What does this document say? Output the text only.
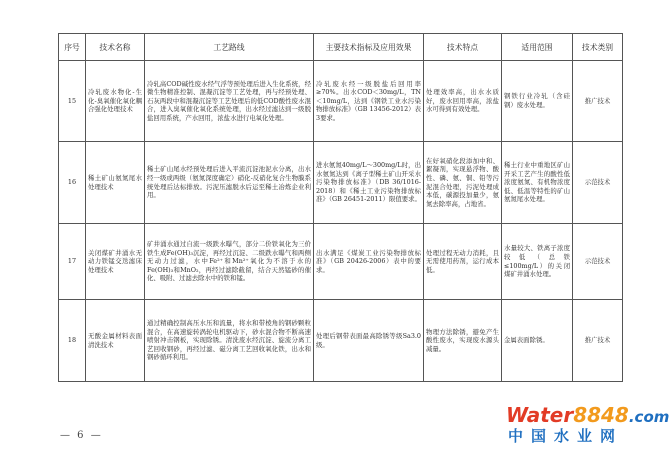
序号	技术名称	工艺路线	主要技术指标及应用效果	技术特点	适用范围	技术类别
15	冷轧废水物化-生化-臭氧催化氧化耦合强化处理技术	冷轧高COD碱性废水经气浮等预处理后进入生化系统，经微生物精准控制、混凝沉淀等工艺处理，再与经预处理、石灰两段中和混凝沉淀等工艺处理后的低COD酸性废水混合，进入臭氧催化氧化系统处理，出水经过滤达到一级脱盐回用系统，产水回用，浓盐水进行电氧化处理。	冷轧废水经一级脱盐后回用率≥70%。出水COD＜30mg/L，TN＜10mg/L，达到《钢铁工业水污染物排放标准》（GB 13456-2012）表3要求。	处理效率高，出水水质好，废水回用率高，浓盐水可得到有效处理。	钢铁行业冷轧（含硅钢）废水处理。	推广技术
16	稀土矿山氨氮尾水处理技术	稀土矿山尾水经预处理后进入平流沉淀池泥水分离，出水经一级或两级（氨氮深度确定）硝化-反硝化复合生物膜系统处理后达标排放。污泥压滤脱水后运至稀土冶炼企业利用。	进水氨氮40mg/L～300mg/L时，出水氨氮达到《离子型稀土矿山开采水污染物排放标准》（DB 36/1016-2018）和《稀土工业污染物排放标准》（GB 26451-2011）限值要求。	在好氧硝化段添加中和、絮凝剂，实现悬浮物、酸性、磷、氨、铜、铅等污泥混合处理，污泥处理成本低，碳源投加量少，氨氮去除率高，占地省。	稀土行业中重地区矿山开采工艺产生的酸性低浓度氨氮、有机物浓度低、低温等特性的矿山氨氮尾水处理。	示范技术
17	关闭煤矿井涌水无动力铁锰交迭滤床处理技术	矿井涌水通过自流一级跌水曝气，部分二价铁氧化为三价铁生成Fe(OH)₃沉淀，再经过沉淀、二级跌水曝气和两侧无动力过滤，水中Fe²⁺和Mn²⁺氧化为不溶于水的Fe(OH)₃和MnO₂，再经过滤除截留，结合天然锰砂的催化、吸附、过滤去除水中的铁和锰。	出水满足《煤炭工业污染物排放标准》（GB 20426-2006）表中的要求。	处理过程无动力消耗，且无需使用药剂，运行成本低。	水量较大、铁离子浓度较低（总铁≤100mg/L）的关闭煤矿井涌水处理。	示范技术
18	无酸金属材料表面清洗技术	通过精确控制高压水压和流量，将水和带棱角的钢砂颗粒混合，在高速旋转涡轮电机驱动下，砂水混合物不断高速喷射冲击钢板，实现除锈。清洗废水经沉淀、旋流分离工艺回收钢砂，再经过滤、磁分离工艺回收氧化铁，出水和钢砂循环利用。	处理后钢带表面最高除锈等级Sa3.0级。	物理方法除锈，避免产生酸性废水，实现废水源头减量。	金属表面除锈。	推广技术
— 6 —
Water8848.com
中国水业网
